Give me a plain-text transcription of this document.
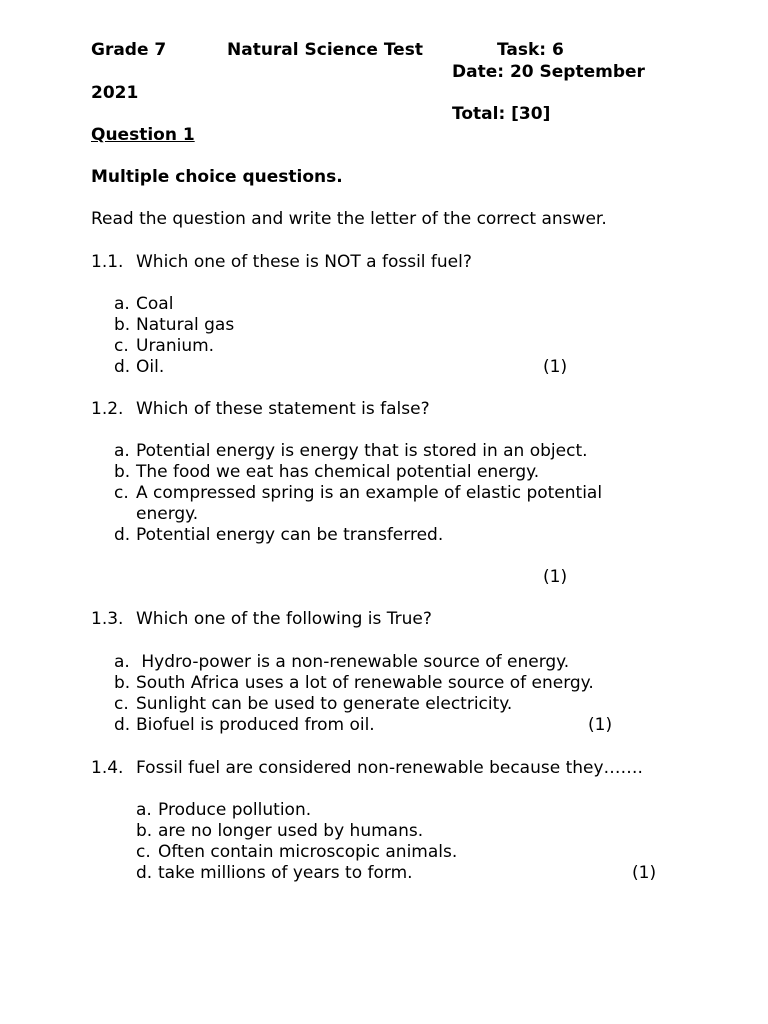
Grade 7	Natural Science Test	Task: 6
Date: 20 September
2021
Total: [30]
Question 1
Multiple choice questions.
Read the question and write the letter of the correct answer.
1.1. Which one of these is NOT a fossil fuel?
a. Coal
b. Natural gas
c. Uranium.
d. Oil.	(1)
1.2. Which of these statement is false?
a. Potential energy is energy that is stored in an object.
b. The food we eat has chemical potential energy.
c. A compressed spring is an example of elastic potential
energy.
d. Potential energy can be transferred.
(1)
1.3. Which one of the following is True?
a. Hydro-power is a non-renewable source of energy.
b. South Africa uses a lot of renewable source of energy.
c. Sunlight can be used to generate electricity.
d. Biofuel is produced from oil.	(1)
1.4. Fossil fuel are considered non-renewable because they…….
a. Produce pollution.
b. are no longer used by humans.
c. Often contain microscopic animals.
d. take millions of years to form.	(1)
